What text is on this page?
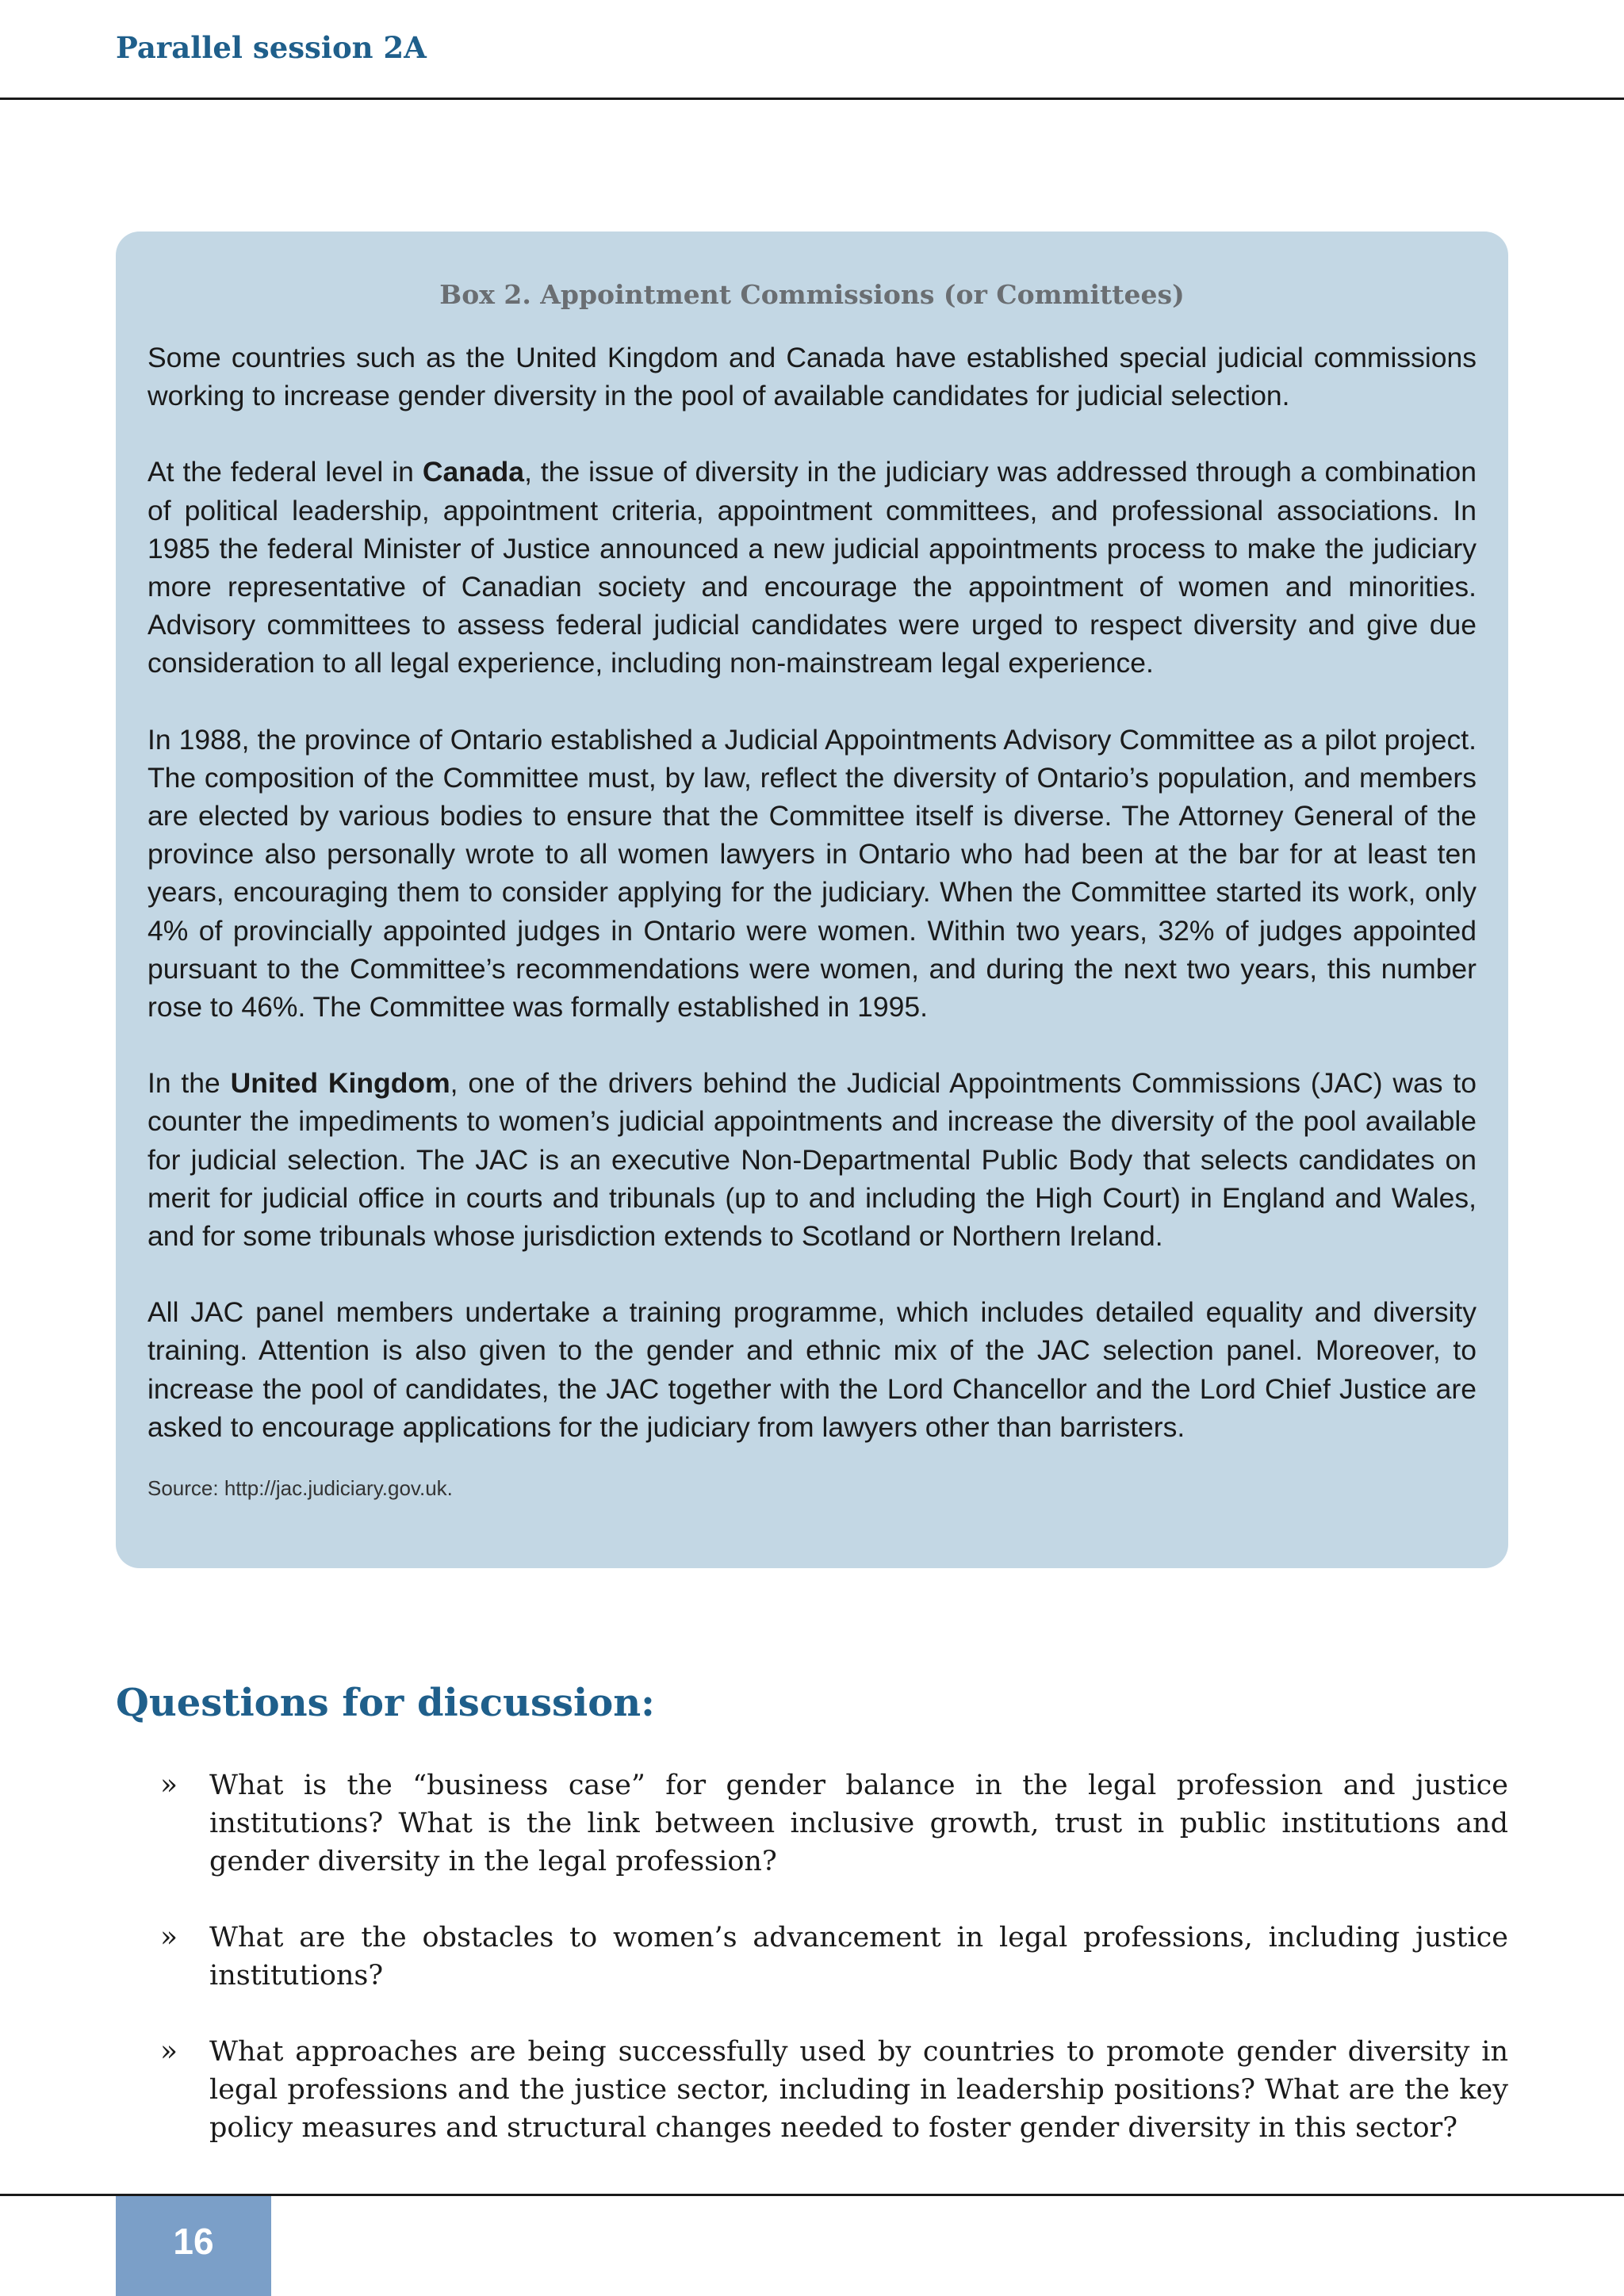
Parallel session 2A
Box 2. Appointment Commissions (or Committees)

Some countries such as the United Kingdom and Canada have established special judicial commissions working to increase gender diversity in the pool of available candidates for judicial selection.

At the federal level in Canada, the issue of diversity in the judiciary was addressed through a combination of political leadership, appointment criteria, appointment committees, and professional associations. In 1985 the federal Minister of Justice announced a new judicial appointments process to make the judiciary more representative of Canadian society and encourage the appointment of women and minorities. Advisory committees to assess federal judicial candidates were urged to respect diversity and give due consideration to all legal experience, including non-mainstream legal experience.

In 1988, the province of Ontario established a Judicial Appointments Advisory Committee as a pilot project. The composition of the Committee must, by law, reflect the diversity of Ontario’s population, and members are elected by various bodies to ensure that the Committee itself is diverse. The Attorney General of the province also personally wrote to all women lawyers in Ontario who had been at the bar for at least ten years, encouraging them to consider applying for the judiciary. When the Committee started its work, only 4% of provincially appointed judges in Ontario were women. Within two years, 32% of judges appointed pursuant to the Committee’s recommendations were women, and during the next two years, this number rose to 46%. The Committee was formally established in 1995.

In the United Kingdom, one of the drivers behind the Judicial Appointments Commissions (JAC) was to counter the impediments to women’s judicial appointments and increase the diversity of the pool available for judicial selection. The JAC is an executive Non-Departmental Public Body that selects candidates on merit for judicial office in courts and tribunals (up to and including the High Court) in England and Wales, and for some tribunals whose jurisdiction extends to Scotland or Northern Ireland.

All JAC panel members undertake a training programme, which includes detailed equality and diversity training. Attention is also given to the gender and ethnic mix of the JAC selection panel. Moreover, to increase the pool of candidates, the JAC together with the Lord Chancellor and the Lord Chief Justice are asked to encourage applications for the judiciary from lawyers other than barristers.

Source: http://jac.judiciary.gov.uk.
Questions for discussion:
» What is the “business case” for gender balance in the legal profession and justice institutions? What is the link between inclusive growth, trust in public institutions and gender diversity in the legal profession?
» What are the obstacles to women’s advancement in legal professions, including justice institutions?
» What approaches are being successfully used by countries to promote gender diversity in legal professions and the justice sector, including in leadership positions? What are the key policy measures and structural changes needed to foster gender diversity in this sector?
16
